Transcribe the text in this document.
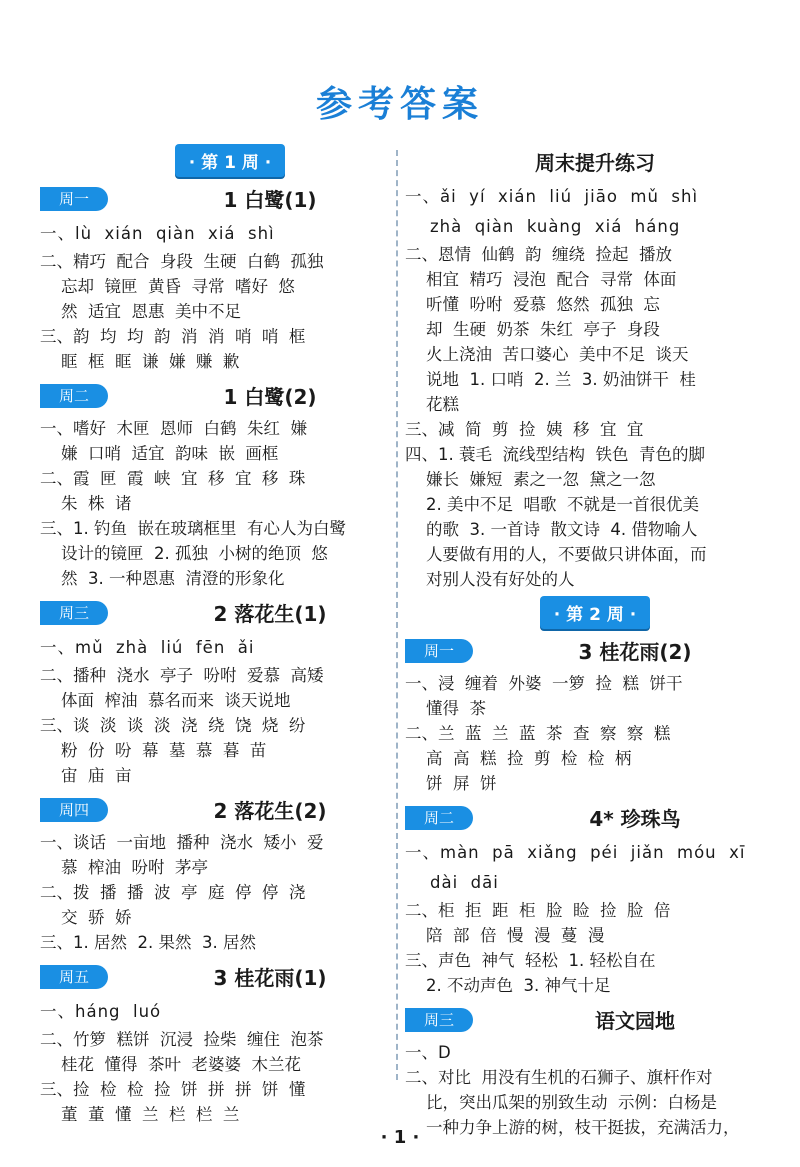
参考答案
· 第 1 周 ·
周一	1 白鹭(1)
一、lù  xián  qiàn  xiá  shì
二、精巧  配合  身段  生硬  白鹤  孤独
忘却  镜匣  黄昏  寻常  嗜好  悠
然  适宜  恩惠  美中不足
三、韵  均  均  韵  消  消  哨  哨  框
眶  框  眶  谦  嫌  赚  歉
周二	1 白鹭(2)
一、嗜好  木匣  恩师  白鹤  朱红  嫌
嫌  口哨  适宜  韵味  嵌  画框
二、霞  匣  霞  峡  宜  移  宜  移  珠
朱  株  诸
三、1. 钓鱼  嵌在玻璃框里  有心人为白鹭
设计的镜匣  2. 孤独  小树的绝顶  悠
然  3. 一种恩惠  清澄的形象化
周三	2 落花生(1)
一、mǔ  zhà  liú  fēn  ǎi
二、播种  浇水  亭子  吩咐  爱慕  高矮
体面  榨油  慕名而来  谈天说地
三、谈  淡  谈  淡  浇  绕  饶  烧  纷
粉  份  吩  幕  墓  慕  暮  苗
宙  庙  亩
周四	2 落花生(2)
一、谈话  一亩地  播种  浇水  矮小  爱
慕  榨油  吩咐  茅亭
二、拨  播  播  波  亭  庭  停  停  浇
交  骄  娇
三、1. 居然  2. 果然  3. 居然
周五	3 桂花雨(1)
一、háng  luó
二、竹箩  糕饼  沉浸  捡柴  缠住  泡茶
桂花  懂得  茶叶  老婆婆  木兰花
三、捡  检  检  捡  饼  拼  拼  饼  懂
董  董  懂  兰  栏  栏  兰
周末提升练习
一、ǎi  yí  xián  liú  jiāo  mǔ  shì
zhà  qiàn  kuàng  xiá  háng
二、恩情  仙鹤  韵  缠绕  捡起  播放
相宜  精巧  浸泡  配合  寻常  体面
听懂  吩咐  爱慕  悠然  孤独  忘
却  生硬  奶茶  朱红  亭子  身段
火上浇油  苦口婆心  美中不足  谈天
说地  1. 口哨  2. 兰  3. 奶油饼干  桂
花糕
三、减  简  剪  捡  姨  移  宜  宜
四、1. 蓑毛  流线型结构  铁色  青色的脚
嫌长  嫌短  素之一忽  黛之一忽
2. 美中不足  唱歌  不就是一首很优美
的歌  3. 一首诗  散文诗  4. 借物喻人
人要做有用的人，不要做只讲体面，而
对别人没有好处的人
· 第 2 周 ·
周一	3 桂花雨(2)
一、浸  缠着  外婆  一箩  捡  糕  饼干
懂得  茶
二、兰  蓝  兰  蓝  茶  查  察  察  糕
高  高  糕  捡  剪  检  检  柄
饼  屏  饼
周二	4* 珍珠鸟
一、màn  pā  xiǎng  péi  jiǎn  móu  xī
dài  dāi
二、柜  拒  距  柜  脸  睑  捡  脸  倍
陪  部  倍  慢  漫  蔓  漫
三、声色  神气  轻松  1. 轻松自在
2. 不动声色  3. 神气十足
周三	语文园地
一、D
二、对比  用没有生机的石狮子、旗杆作对
比，突出瓜架的别致生动  示例：白杨是
一种力争上游的树，枝干挺拔，充满活力，
· 1 ·
